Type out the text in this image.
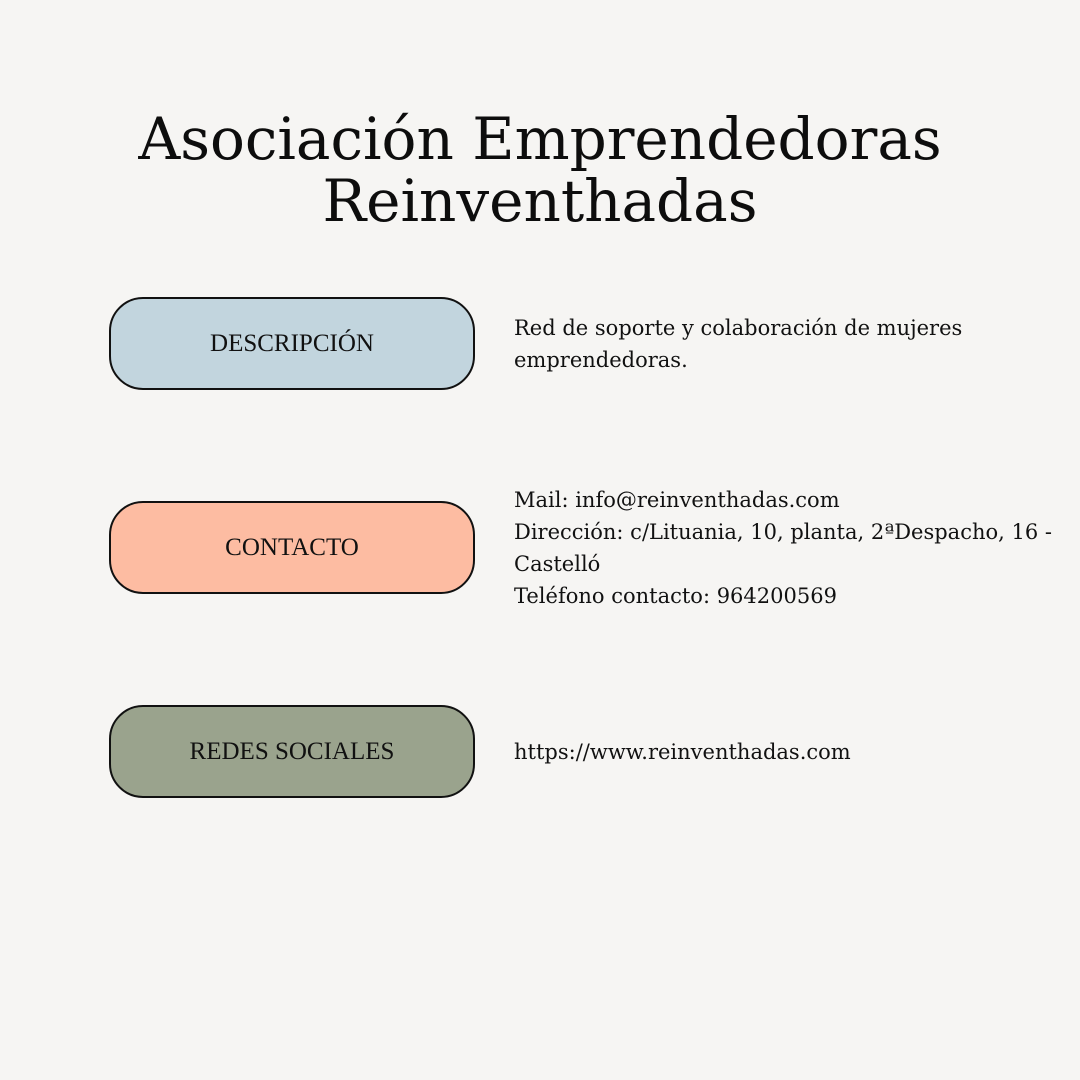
Asociación Emprendedoras
Reinventhadas
DESCRIPCIÓN
Red de soporte y colaboración de mujeres
emprendedoras.
CONTACTO
Mail: info@reinventhadas.com
Dirección: c/Lituania, 10, planta, 2ªDespacho, 16 -
Castelló
Teléfono contacto: 964200569
REDES SOCIALES	https://www.reinventhadas.com
